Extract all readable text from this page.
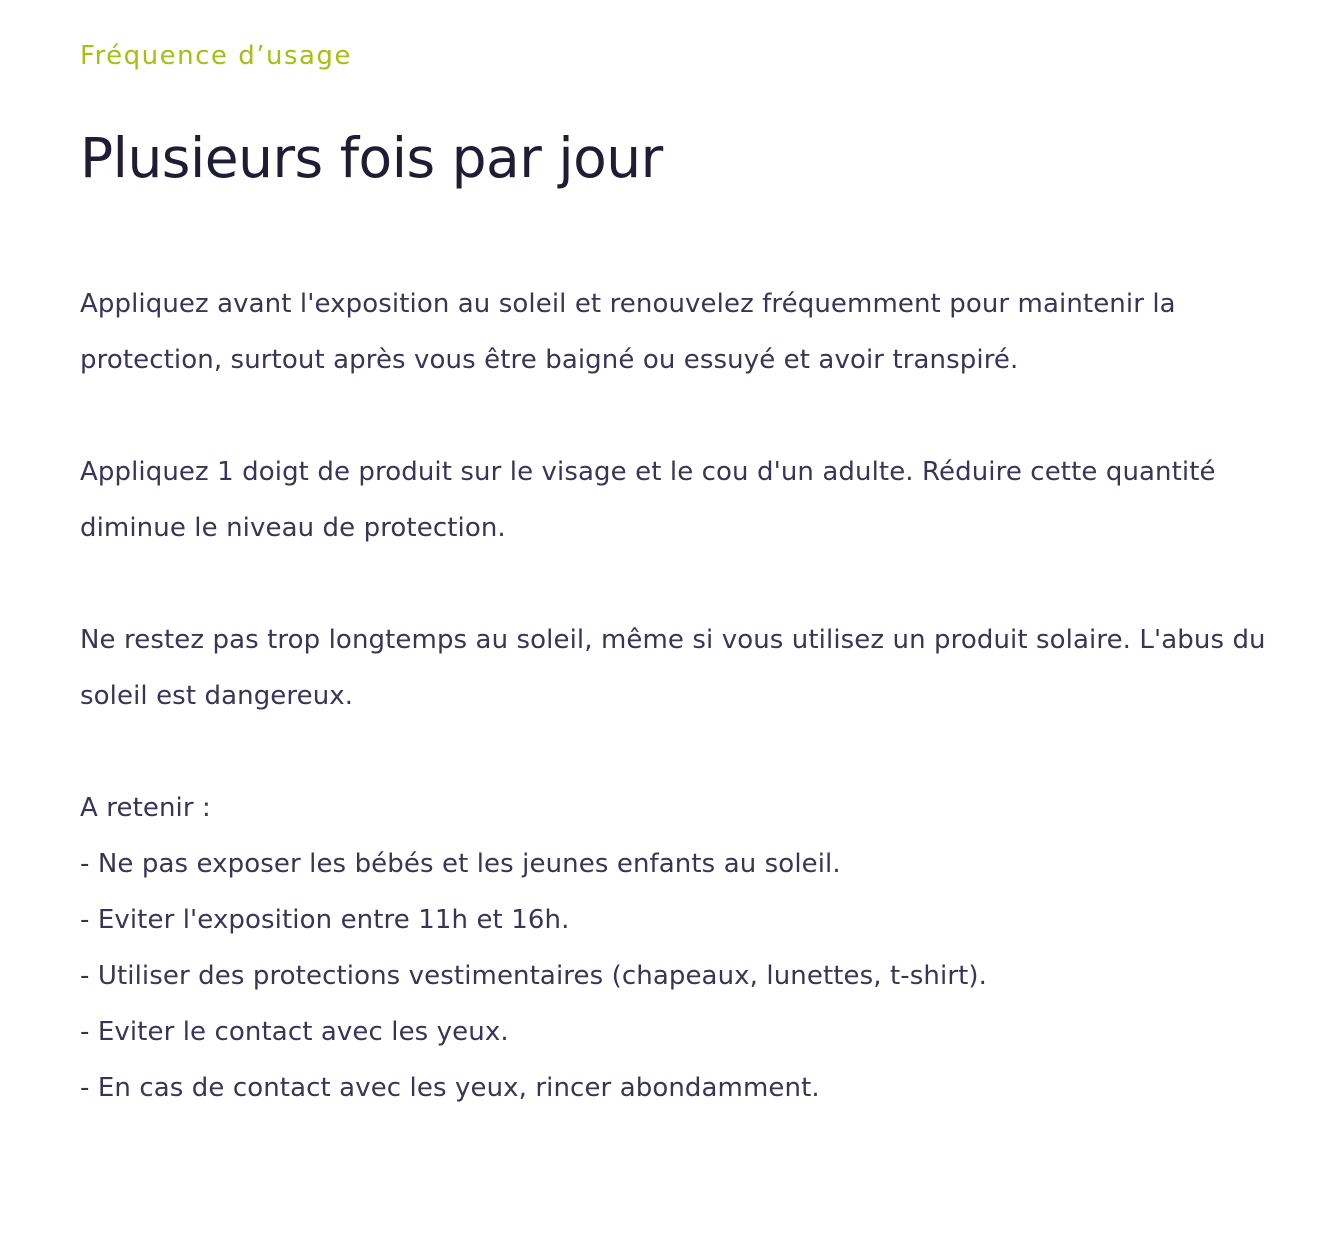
Fréquence d’usage
Plusieurs fois par jour

Appliquez avant l'exposition au soleil et renouvelez fréquemment pour maintenir la protection, surtout après vous être baigné ou essuyé et avoir transpiré.

Appliquez 1 doigt de produit sur le visage et le cou d'un adulte. Réduire cette quantité diminue le niveau de protection.

Ne restez pas trop longtemps au soleil, même si vous utilisez un produit solaire. L'abus du soleil est dangereux.

A retenir :
- Ne pas exposer les bébés et les jeunes enfants au soleil.
- Eviter l'exposition entre 11h et 16h.
- Utiliser des protections vestimentaires (chapeaux, lunettes, t-shirt).
- Eviter le contact avec les yeux.
- En cas de contact avec les yeux, rincer abondamment.
